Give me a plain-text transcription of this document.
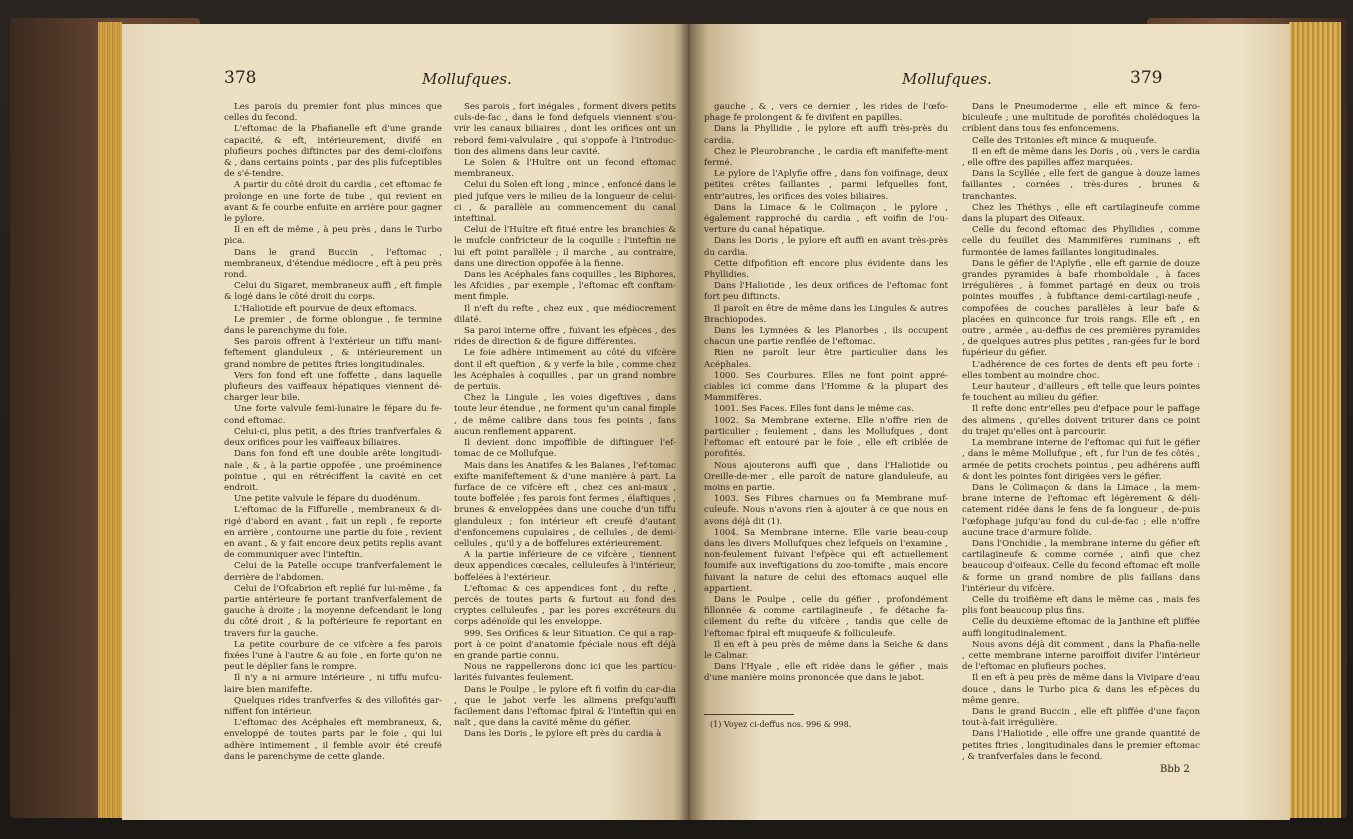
378	Mollufques.

Les parois du premier font plus minces que celles du fecond.

L'eftomac de la Phafianelle eft d'une grande capacité, & eft, intérieurement, divifé en plufieurs poches diftinctes par des demi-cloifons & , dans certains points , par des plis fufceptibles de s'é-tendre.

A partir du côté droit du cardia , cet eftomac fe prolonge en une forte de tube , qui revient en avant & fe courbe enfuite en arrière pour gagner le pylore.

Il en eft de même , à peu près , dans le Turbo pica.

Dans le grand Buccin , l'eftomac , membraneux, d'étendue médiocre , eft à peu près rond.

Celui du Sigaret, membraneux auffi , eft fimple & logé dans le côté droit du corps.

L'Haliotide eft pourvue de deux eftomacs.

Le premier , de forme oblongue , fe termine dans le parenchyme du foie.

Ses parois offrent à l'extérieur un tiffu mani-feftement glanduleux , & intérieurement un grand nombre de petites ftries longitudinales.

Vers fon fond eft une foffette , dans laquelle plufieurs des vaiffeaux hépatiques viennent dé-charger leur bile.

Une forte valvule femi-lunaire le fépare du fe-cond eftomac.

Celui-ci, plus petit, a des ftries tranfverfales & deux orifices pour les vaiffeaux biliaires.

Dans fon fond eft une double arête longitudi-nale , & , à la partie oppofée , une proéminence pointue , qui en rétréciffent la cavité en cet endroit.

Une petite valvule le fépare du duodénum.

L'eftomac de la Fiffurelle , membraneux & di-rigé d'abord en avant , fait un repli , fe reporte en arrière , contourne une partie du foie , revient en avant , & y fait encore deux petits replis avant de communiquer avec l'inteftin.

Celui de la Patelle occupe tranfverfalement le derrière de l'abdomen.

Celui de l'Ofcabrion eft replié fur lui-même , fa partie antérieure fe portant tranfverfalement de gauche à droite ; la moyenne defcendant le long du côté droit , & la poftérieure fe reportant en travers fur la gauche.

La petite courbure de ce vifcère a fes parois fixées l'une à l'autre & au foie , en forte qu'on ne peut le déplier fans le rompre.

Il n'y a ni armure intérieure , ni tiffu mufcu-laire bien manifefte.

Quelques rides tranfverfes & des villofités gar-niffent fon intérieur.

L'eftomac des Acéphales eft membraneux, &, enveloppé de toutes parts par le foie , qui lui adhère intimement , il femble avoir été creufé dans le parenchyme de cette glande.

Ses parois , fort inégales , forment divers petits culs-de-fac , dans le fond defquels viennent s'ou-vrir les canaux biliaires , dont les orifices ont un rebord femi-valvulaire , qui s'oppofe à l'introduc-tion des alimens dans leur cavité.

Le Solen & l'Huître ont un fecond eftomac membraneux.

Celui du Solen eft long , mince , enfoncé dans le pied jufque vers le milieu de la longueur de celui-ci , & parallèle au commencement du canal inteftinal.

Celui de l'Huître eft fitué entre les branchies & le mufcle confricteur de la coquille : l'inteftin ne lui eft point parallèle ; il marche , au contraire, dans une direction oppofée à la fienne.

Dans les Acéphales fans coquilles , les Biphores, les Afcidies , par exemple , l'eftomac eft conftam-ment fimple.

Il n'eft du refte , chez eux , que médiocrement dilaté.

Sa paroi interne offre , fuivant les efpèces , des rides de direction & de figure différentes.

Le foie adhère intimement au côté du vifcère dont il eft queftion , & y verfe la bile , comme chez les Acéphales à coquilles , par un grand nombre de pertuis.

Chez la Lingule , les voies digeftives , dans toute leur étendue , ne forment qu'un canal fimple , de même calibre dans tous fes points , fans aucun renflement apparent.

Il devient donc impoffible de diftinguer l'ef-tomac de ce Mollufque.

Mais dans les Anatifes & les Balanes , l'ef-tomac exifte manifeftement & d'une manière à part. La furface de ce vifcère eft , chez ces ani-maux , toute boffelée ; fes parois font fermes , élaftiques , brunes & enveloppées dans une couche d'un tiffu glanduleux ; fon intérieur eft creufé d'autant d'enfoncemens cupulaires , de cellules , de demi-cellules , qu'il y a de boffelures extérieurement.

A la partie inférieure de ce vifcère , tiennent deux appendices cœcales, celluleufes à l'intérieur, boffelées à l'extérieur.

L'eftomac & ces appendices font , du refte , percés de toutes parts & furtout au fond des cryptes celluleufes , par les pores excréteurs du corps adénoïde qui les enveloppe.

999. Ses Orifices & leur Situation. Ce qui a rap-port à ce point d'anatomie fpéciale nous eft déjà en grande partie connu.

Nous ne rappellerons donc ici que les particu-larités fuivantes feulement.

Dans le Poulpe , le pylore eft fi voifin du car-dia , que le jabot verfe les alimens prefqu'auffi facilement dans l'eftomac fpiral & l'inteftin qui en naît , que dans la cavité même du géfier.

Dans les Doris , le pylore eft près du cardia à

Mollufques.	379

gauche , & , vers ce dernier , les rides de l'œfo-phage fe prolongent & fe divifent en papilles.

Dans la Phyllidie , le pylore eft auffi très-près du cardia.

Chez le Pleurobranche , le cardia eft manifefte-ment fermé.

Le pylore de l'Aplyfie offre , dans fon voifinage, deux petites crêtes faillantes , parmi lefquelles font, entr'autres, les orifices des voies biliaires.

Dans la Limace & le Colimaçon , le pylore , également rapproché du cardia , eft voifin de l'ou-verture du canal hépatique.

Dans les Doris , le pylore eft auffi en avant très-près du cardia.

Cette difpofition eft encore plus évidente dans les Phyllidies.

Dans l'Haliotide , les deux orifices de l'eftomac font fort peu diftincts.

Il paroît en être de même dans les Lingules & autres Brachiopodes.

Dans les Lymnées & les Planorbes , ils occupent chacun une partie renflée de l'eftomac.

Rien ne paroît leur être particulier dans les Acéphales.

1000. Ses Courbures. Elles ne font point appré-ciables ici comme dans l'Homme & la plupart des Mammifères.

1001. Ses Faces. Elles font dans le même cas.

1002. Sa Membrane externe. Elle n'offre rien de particulier ; feulement , dans les Mollufques , dont l'eftomac eft entouré par le foie , elle eft criblée de porofités.

Nous ajouterons auffi que , dans l'Haliotide ou Oreille-de-mer , elle paroît de nature glanduleufe, au moins en partie.

1003. Ses Fibres charnues ou fa Membrane muf-culeufe. Nous n'avons rien à ajouter à ce que nous en avons déjà dit (1).

1004. Sa Membrane interne. Elle varie beau-coup dans les divers Mollufques chez lefquels on l'examine , non-feulement fuivant l'efpèce qui eft actuellement foumife aux inveftigations du zoo-tomifte , mais encore fuivant la nature de celui des eftomacs auquel elle appartient.

Dans le Poulpe , celle du géfier , profondément fillonnée & comme cartilagineufe , fe détache fa-cilement du refte du vifcère , tandis que celle de l'eftomac fpiral eft muqueufe & folliculeufe.

Il en eft à peu près de même dans la Seiche & dans le Calmar.

Dans l'Hyale , elle eft ridée dans le géfier , mais d'une manière moins prononcée que dans le jabot.

(1) Voyez ci-deffus nos. 996 & 998.

Dans le Pneumoderme , elle eft mince & fero-biculeufe ; une multitude de porofités cholédoques la criblent dans tous fes enfoncemens.

Celle des Tritonies eft mince & muqueufe.

Il en eft de même dans les Doris , où , vers le cardia , elle offre des papilles affez marquées.

Dans la Scyllée , elle fert de gangue à douze lames faillantes , cornées , très-dures , brunes & tranchantes.

Chez les Théthys , elle eft cartilagineufe comme dans la plupart des Oifeaux.

Celle du fecond eftomac des Phyllidies , comme celle du feuillet des Mammifères ruminans , eft furmontée de lames faillantes longitudinales.

Dans le géfier de l'Aplyfie , elle eft garnie de douze grandes pyramides à bafe rhomboïdale , à faces irrégulières , à fommet partagé en deux ou trois pointes mouffes , à fubftance demi-cartilagi-neufe , compofées de couches parallèles à leur bafe & placées en quinconce fur trois rangs. Elle eft , en outre , armée , au-deffus de ces premières pyramides , de quelques autres plus petites , ran-gées fur le bord fupérieur du géfier.

L'adhérence de ces fortes de dents eft peu forte : elles tombent au moindre choc.

Leur hauteur , d'ailleurs , eft telle que leurs pointes fe touchent au milieu du géfier.

Il refte donc entr'elles peu d'efpace pour le paffage des alimens , qu'elles doivent triturer dans ce point du trajet qu'elles ont à parcourir.

La membrane interne de l'eftomac qui fuit le géfier , dans le même Mollufque , eft , fur l'un de fes côtés , armée de petits crochets pointus , peu adhérens auffi & dont les pointes font dirigées vers le géfier.

Dans le Colimaçon & dans la Limace , la mem-brane interne de l'eftomac eft légèrement & déli-catement ridée dans le fens de fa longueur , de-puis l'œfophage jufqu'au fond du cul-de-fac ; elle n'offre aucune trace d'armure folide.

Dans l'Onchidie , la membrane interne du géfier eft cartilagineufe & comme cornée , ainfi que chez beaucoup d'oifeaux. Celle du fecond eftomac eft molle & forme un grand nombre de plis faillans dans l'intérieur du vifcère.

Celle du troifième eft dans le même cas , mais fes plis font beaucoup plus fins.

Celle du deuxième eftomac de la Janthine eft pliffée auffi longitudinalement.

Nous avons déjà dit comment , dans la Phafia-nelle , cette membrane interne paroiffoit divifer l'intérieur de l'eftomac en plufieurs poches.

Il en eft à peu près de même dans la Vivipare d'eau douce , dans le Turbo pica & dans les ef-pèces du même genre.

Dans le grand Buccin , elle eft pliffée d'une façon tout-à-fait irrégulière.

Dans l'Haliotide , elle offre une grande quantité de petites ftries , longitudinales dans le premier eftomac , & tranfverfales dans le fecond.

Bbb 2
